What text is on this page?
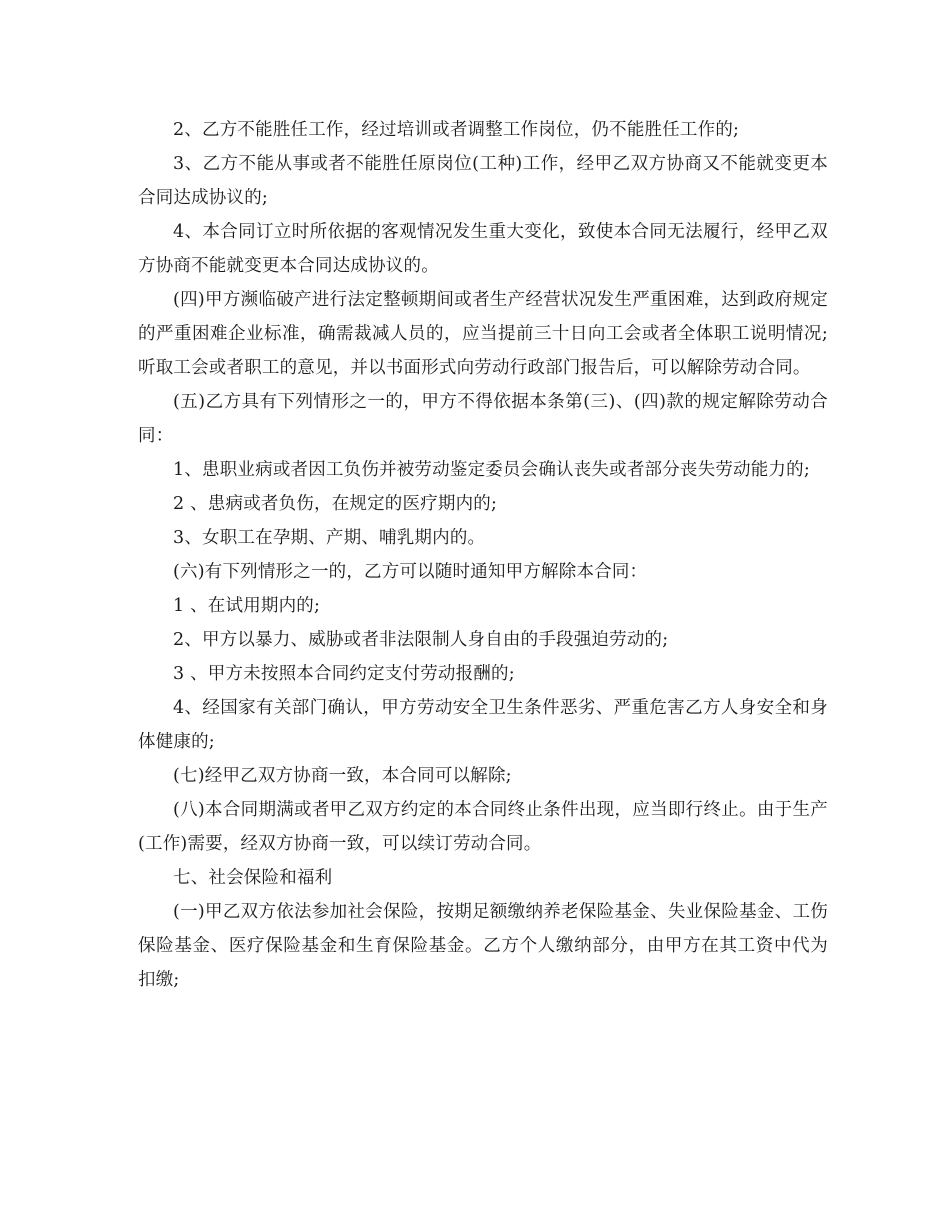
2、乙方不能胜任工作，经过培训或者调整工作岗位，仍不能胜任工作的;

3、乙方不能从事或者不能胜任原岗位(工种)工作，经甲乙双方协商又不能就变更本合同达成协议的;

4、本合同订立时所依据的客观情况发生重大变化，致使本合同无法履行，经甲乙双方协商不能就变更本合同达成协议的。

(四)甲方濒临破产进行法定整顿期间或者生产经营状况发生严重困难，达到政府规定的严重困难企业标准，确需裁减人员的，应当提前三十日向工会或者全体职工说明情况;听取工会或者职工的意见，并以书面形式向劳动行政部门报告后，可以解除劳动合同。

(五)乙方具有下列情形之一的，甲方不得依据本条第(三)、(四)款的规定解除劳动合同：

1、患职业病或者因工负伤并被劳动鉴定委员会确认丧失或者部分丧失劳动能力的;

2 、患病或者负伤，在规定的医疗期内的;

3、女职工在孕期、产期、哺乳期内的。

(六)有下列情形之一的，乙方可以随时通知甲方解除本合同：

1 、在试用期内的;

2、甲方以暴力、威胁或者非法限制人身自由的手段强迫劳动的;

3 、甲方未按照本合同约定支付劳动报酬的;

4、经国家有关部门确认，甲方劳动安全卫生条件恶劣、严重危害乙方人身安全和身体健康的;

(七)经甲乙双方协商一致，本合同可以解除;

(八)本合同期满或者甲乙双方约定的本合同终止条件出现，应当即行终止。由于生产(工作)需要，经双方协商一致，可以续订劳动合同。

七、社会保险和福利

(一)甲乙双方依法参加社会保险，按期足额缴纳养老保险基金、失业保险基金、工伤保险基金、医疗保险基金和生育保险基金。乙方个人缴纳部分，由甲方在其工资中代为扣缴;
